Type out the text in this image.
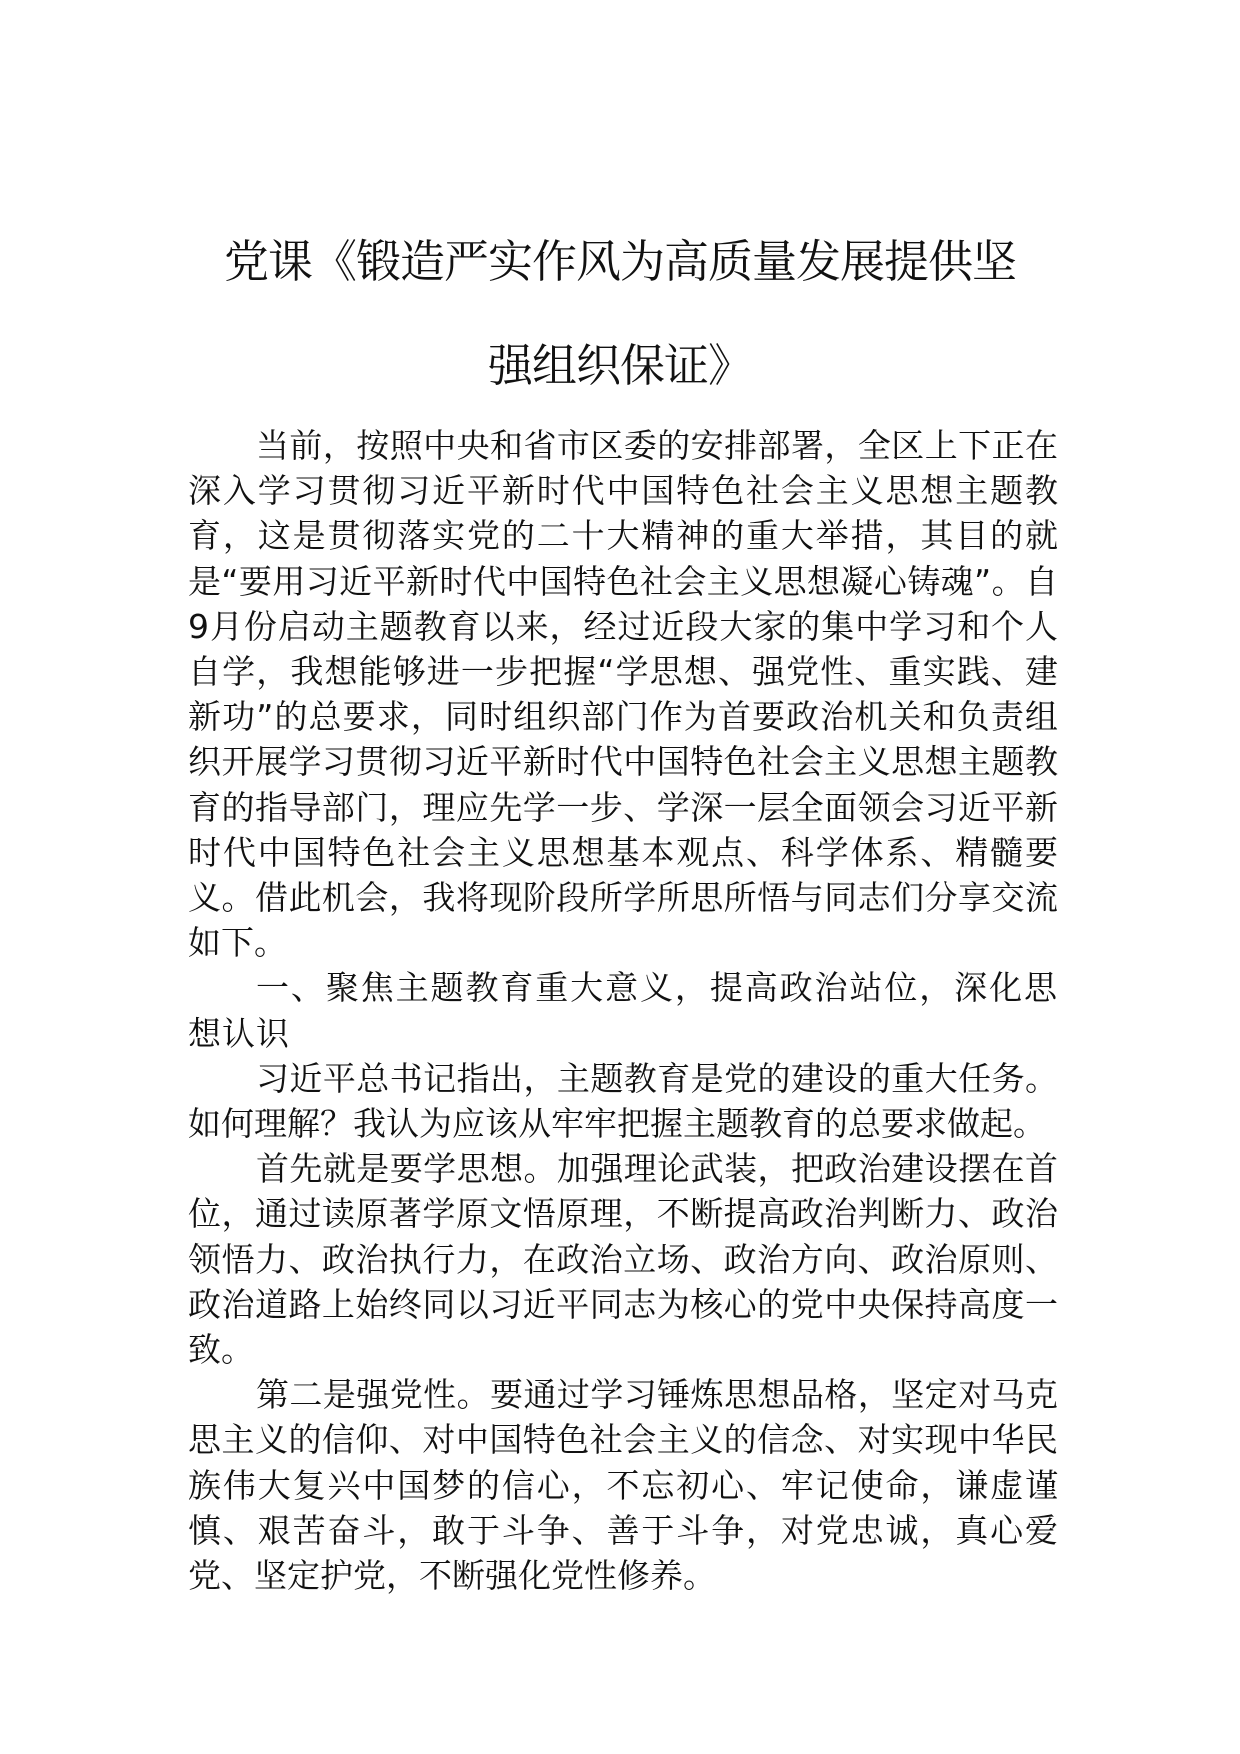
党课《锻造严实作风为高质量发展提供坚
强组织保证》

当前，按照中央和省市区委的安排部署，全区上下正在深入学习贯彻习近平新时代中国特色社会主义思想主题教育，这是贯彻落实党的二十大精神的重大举措，其目的就是“要用习近平新时代中国特色社会主义思想凝心铸魂”。自9月份启动主题教育以来，经过近段大家的集中学习和个人自学，我想能够进一步把握“学思想、强党性、重实践、建新功”的总要求，同时组织部门作为首要政治机关和负责组织开展学习贯彻习近平新时代中国特色社会主义思想主题教育的指导部门，理应先学一步、学深一层全面领会习近平新时代中国特色社会主义思想基本观点、科学体系、精髓要义。借此机会，我将现阶段所学所思所悟与同志们分享交流如下。

一、聚焦主题教育重大意义，提高政治站位，深化思想认识

习近平总书记指出，主题教育是党的建设的重大任务。如何理解？我认为应该从牢牢把握主题教育的总要求做起。

首先就是要学思想。加强理论武装，把政治建设摆在首位，通过读原著学原文悟原理，不断提高政治判断力、政治领悟力、政治执行力，在政治立场、政治方向、政治原则、政治道路上始终同以习近平同志为核心的党中央保持高度一致。

第二是强党性。要通过学习锤炼思想品格，坚定对马克思主义的信仰、对中国特色社会主义的信念、对实现中华民族伟大复兴中国梦的信心，不忘初心、牢记使命，谦虚谨慎、艰苦奋斗，敢于斗争、善于斗争，对党忠诚，真心爱党、坚定护党，不断强化党性修养。
